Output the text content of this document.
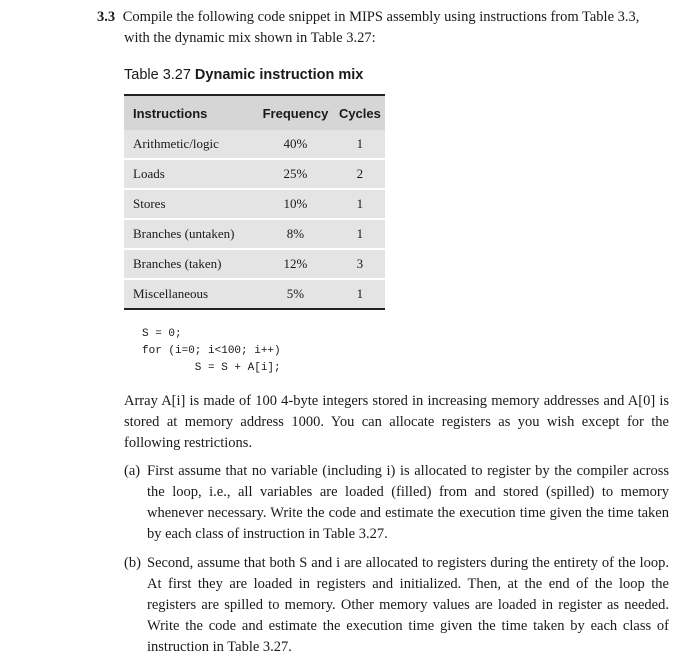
3.3 Compile the following code snippet in MIPS assembly using instructions from Table 3.3,
with the dynamic mix shown in Table 3.27:
Table 3.27 Dynamic instruction mix
Instructions	Frequency	Cycles
Arithmetic/logic	40%	1
Loads	25%	2
Stores	10%	1
Branches (untaken)	8%	1
Branches (taken)	12%	3
Miscellaneous	5%	1
S = 0;
for (i=0; i<100; i++)
S = S + A[i];
Array A[i] is made of 100 4-byte integers stored in increasing memory addresses and A[0] is stored at memory address 1000. You can allocate registers as you wish except for the following restrictions.
(a) First assume that no variable (including i) is allocated to register by the compiler across the loop, i.e., all variables are loaded (filled) from and stored (spilled) to memory whenever necessary. Write the code and estimate the execution time given the time taken by each class of instruction in Table 3.27.
(b) Second, assume that both S and i are allocated to registers during the entirety of the loop. At first they are loaded in registers and initialized. Then, at the end of the loop the registers are spilled to memory. Other memory values are loaded in register as needed. Write the code and estimate the execution time given the time taken by each class of instruction in Table 3.27.
